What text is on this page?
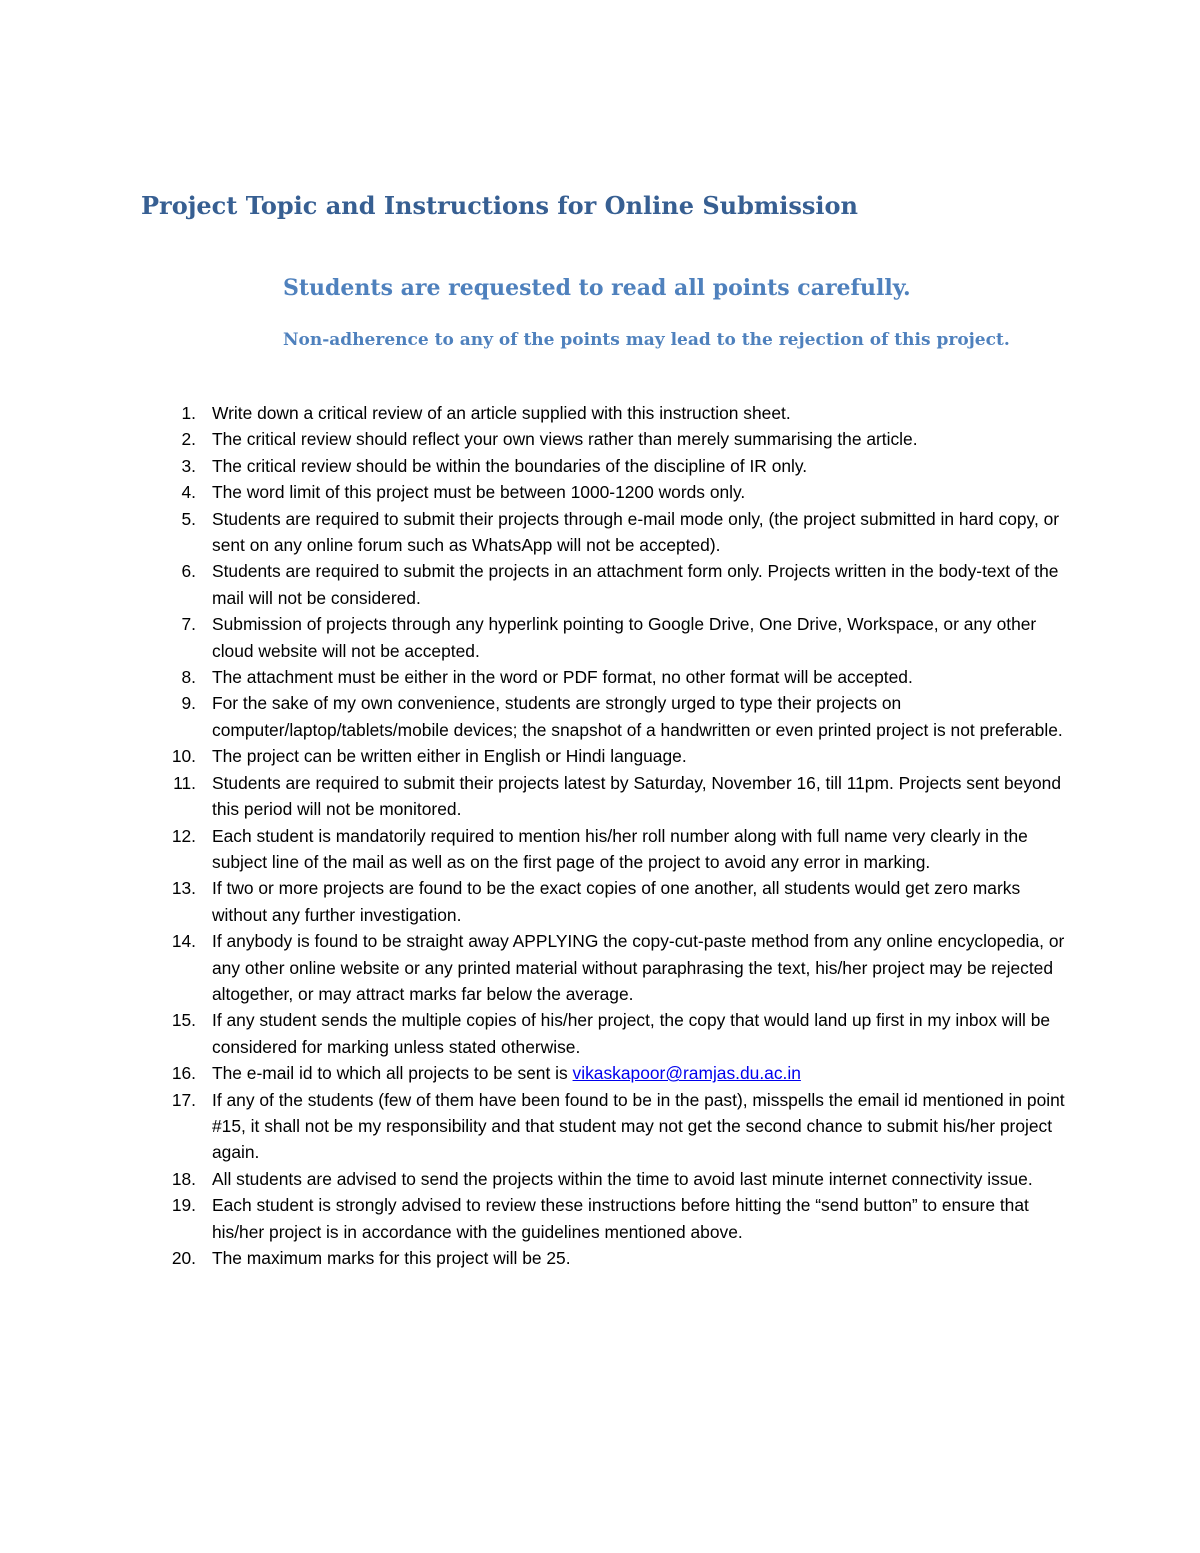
Project Topic and Instructions for Online Submission
Students are requested to read all points carefully.

Non-adherence to any of the points may lead to the rejection of this project.

1. Write down a critical review of an article supplied with this instruction sheet.
2. The critical review should reflect your own views rather than merely summarising the article.
3. The critical review should be within the boundaries of the discipline of IR only.
4. The word limit of this project must be between 1000-1200 words only.
5. Students are required to submit their projects through e-mail mode only, (the project submitted in hard copy, or sent on any online forum such as WhatsApp will not be accepted).
6. Students are required to submit the projects in an attachment form only. Projects written in the body-text of the mail will not be considered.
7. Submission of projects through any hyperlink pointing to Google Drive, One Drive, Workspace, or any other cloud website will not be accepted.
8. The attachment must be either in the word or PDF format, no other format will be accepted.
9. For the sake of my own convenience, students are strongly urged to type their projects on computer/laptop/tablets/mobile devices; the snapshot of a handwritten or even printed project is not preferable.
10. The project can be written either in English or Hindi language.
11. Students are required to submit their projects latest by Saturday, November 16, till 11pm. Projects sent beyond this period will not be monitored.
12. Each student is mandatorily required to mention his/her roll number along with full name very clearly in the subject line of the mail as well as on the first page of the project to avoid any error in marking.
13. If two or more projects are found to be the exact copies of one another, all students would get zero marks without any further investigation.
14. If anybody is found to be straight away APPLYING the copy-cut-paste method from any online encyclopedia, or any other online website or any printed material without paraphrasing the text, his/her project may be rejected altogether, or may attract marks far below the average.
15. If any student sends the multiple copies of his/her project, the copy that would land up first in my inbox will be considered for marking unless stated otherwise.
16. The e-mail id to which all projects to be sent is vikaskapoor@ramjas.du.ac.in
17. If any of the students (few of them have been found to be in the past), misspells the email id mentioned in point #15, it shall not be my responsibility and that student may not get the second chance to submit his/her project again.
18. All students are advised to send the projects within the time to avoid last minute internet connectivity issue.
19. Each student is strongly advised to review these instructions before hitting the “send button” to ensure that his/her project is in accordance with the guidelines mentioned above.
20. The maximum marks for this project will be 25.
